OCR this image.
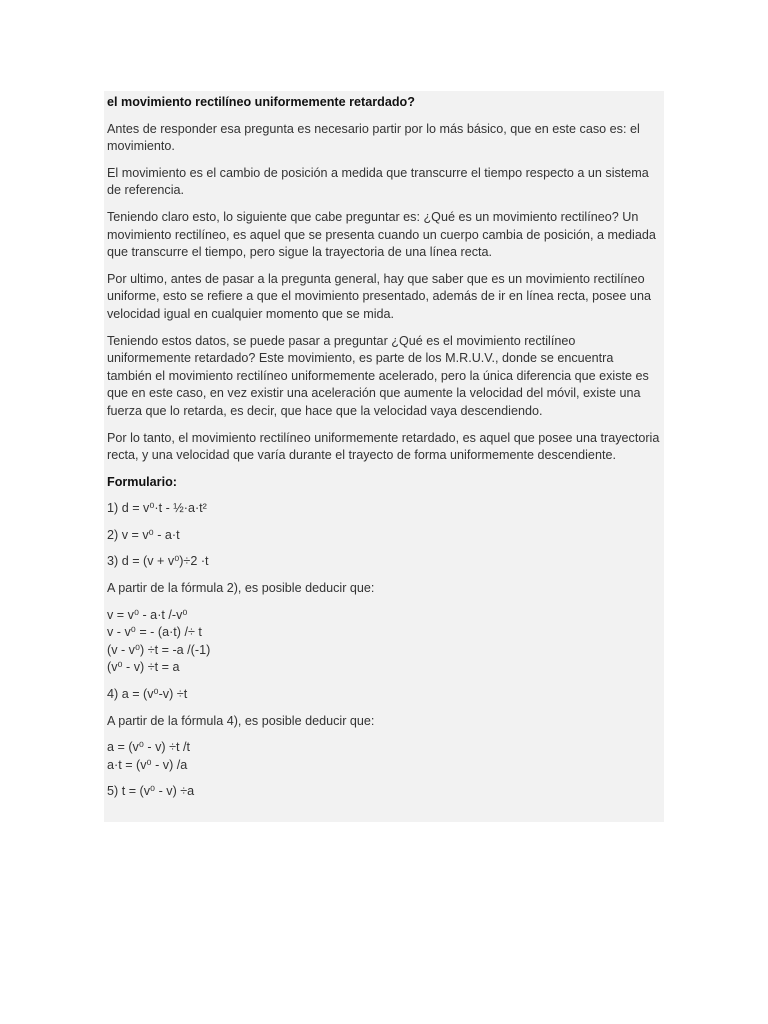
el movimiento rectilíneo uniformemente retardado?

Antes de responder esa pregunta es necesario partir por lo más básico, que en este caso es: el movimiento.

El movimiento es el cambio de posición a medida que transcurre el tiempo respecto a un sistema de referencia.

Teniendo claro esto, lo siguiente que cabe preguntar es: ¿Qué es un movimiento rectilíneo? Un movimiento rectilíneo, es aquel que se presenta cuando un cuerpo cambia de posición, a mediada que transcurre el tiempo, pero sigue la trayectoria de una línea recta.

Por ultimo, antes de pasar a la pregunta general, hay que saber que es un movimiento rectilíneo uniforme, esto se refiere a que el movimiento presentado, además de ir en línea recta, posee una velocidad igual en cualquier momento que se mida.

Teniendo estos datos, se puede pasar a preguntar ¿Qué es el movimiento rectilíneo uniformemente retardado? Este movimiento, es parte de los M.R.U.V., donde se encuentra también el movimiento rectilíneo uniformemente acelerado, pero la única diferencia que existe es que en este caso, en vez existir una aceleración que aumente la velocidad del móvil, existe una fuerza que lo retarda, es decir, que hace que la velocidad vaya descendiendo.

Por lo tanto, el movimiento rectilíneo uniformemente retardado, es aquel que posee una trayectoria recta, y una velocidad que varía durante el trayecto de forma uniformemente descendiente.

Formulario:

1) d = v⁰·t - ½·a·t²

2) v = v⁰ - a·t

3) d = (v + v⁰)÷2 ·t

A partir de la fórmula 2), es posible deducir que:

v = v⁰ - a·t /-v⁰
v - v⁰ = - (a·t) /÷ t
(v - v⁰) ÷t = -a /(-1)
(v⁰ - v) ÷t = a

4) a = (v⁰-v) ÷t

A partir de la fórmula 4), es posible deducir que:

a = (v⁰ - v) ÷t /t
a·t = (v⁰ - v) /a

5) t = (v⁰ - v) ÷a
